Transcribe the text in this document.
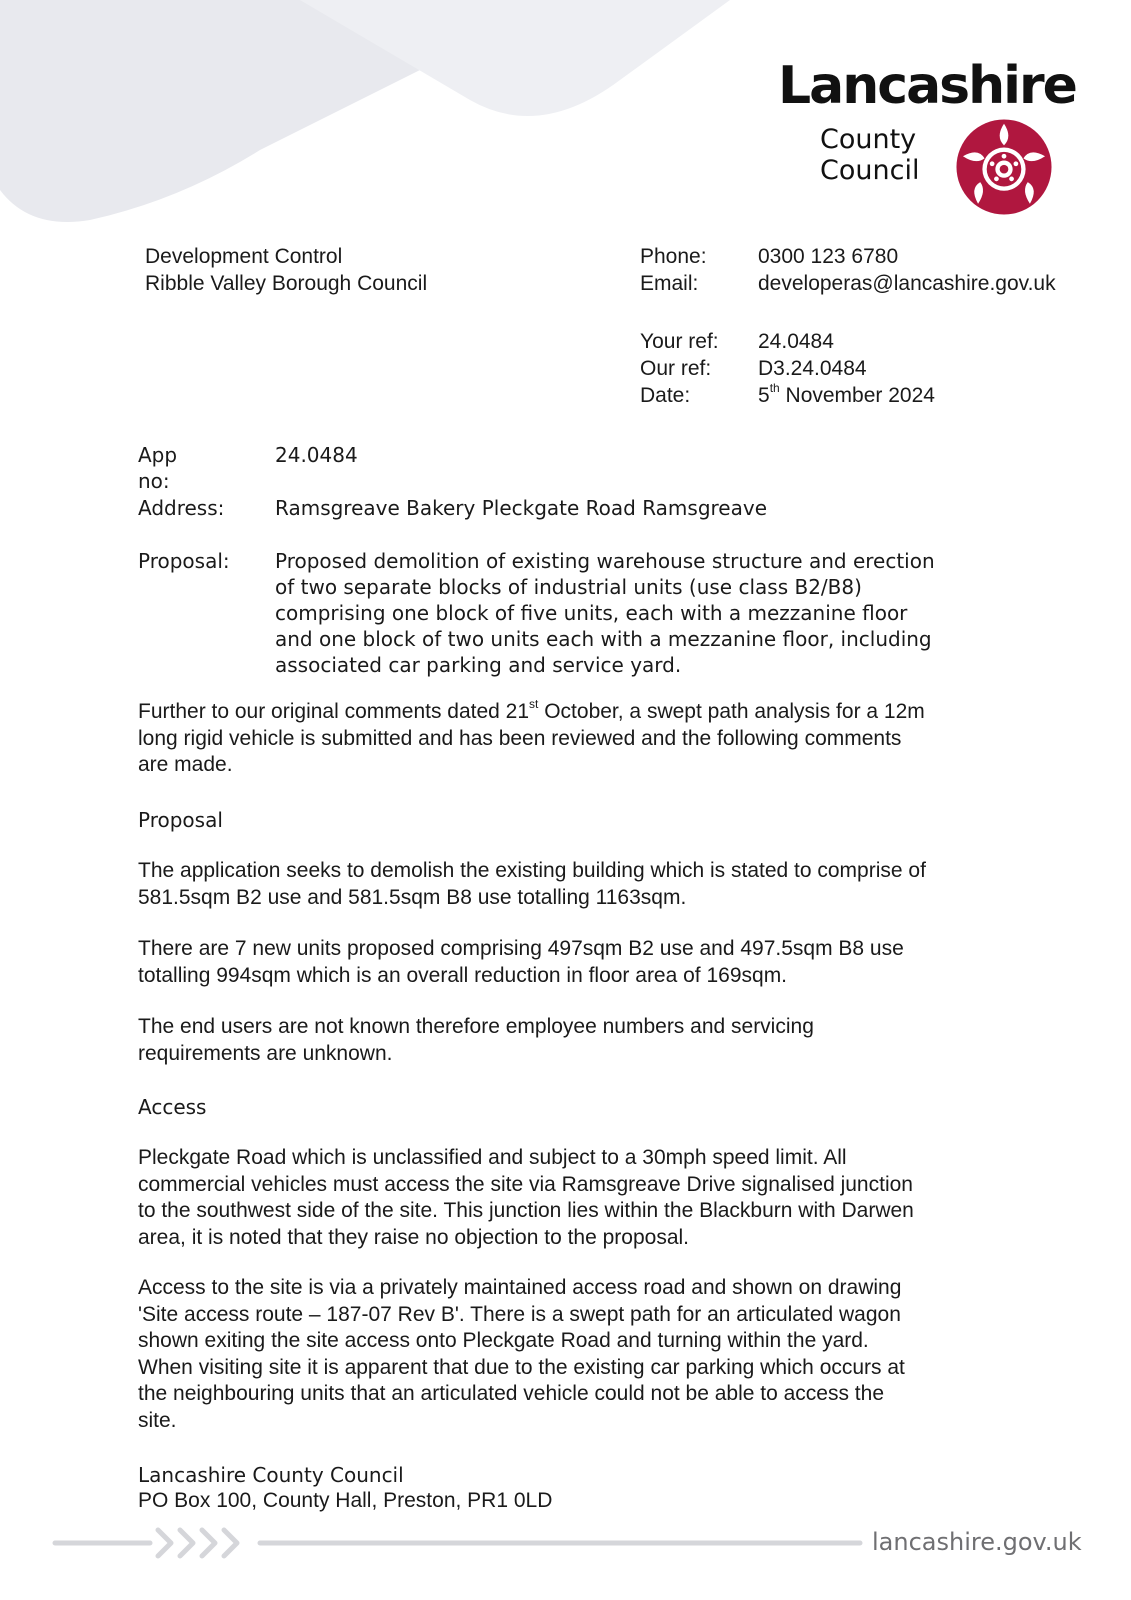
Lancashire
County
Council
Development Control
Ribble Valley Borough Council
Phone:	0300 123 6780
Email:	developeras@lancashire.gov.uk
Your ref:	24.0484
Our ref:	D3.24.0484
Date:	5th November 2024
App no:
24.0484
Address:	Ramsgreave Bakery Pleckgate Road Ramsgreave
Proposal: Proposed demolition of existing warehouse structure and erection
of two separate blocks of industrial units (use class B2/B8)
comprising one block of five units, each with a mezzanine floor
and one block of two units each with a mezzanine floor, including
associated car parking and service yard.
Further to our original comments dated 21st October, a swept path analysis for a 12m
long rigid vehicle is submitted and has been reviewed and the following comments
are made.
Proposal
The application seeks to demolish the existing building which is stated to comprise of
581.5sqm B2 use and 581.5sqm B8 use totalling 1163sqm.
There are 7 new units proposed comprising 497sqm B2 use and 497.5sqm B8 use
totalling 994sqm which is an overall reduction in floor area of 169sqm.
The end users are not known therefore employee numbers and servicing
requirements are unknown.
Access
Pleckgate Road which is unclassified and subject to a 30mph speed limit. All
commercial vehicles must access the site via Ramsgreave Drive signalised junction
to the southwest side of the site. This junction lies within the Blackburn with Darwen
area, it is noted that they raise no objection to the proposal.
Access to the site is via a privately maintained access road and shown on drawing
'Site access route – 187-07 Rev B'. There is a swept path for an articulated wagon
shown exiting the site access onto Pleckgate Road and turning within the yard.
When visiting site it is apparent that due to the existing car parking which occurs at
the neighbouring units that an articulated vehicle could not be able to access the
site.
Lancashire County Council
PO Box 100, County Hall, Preston, PR1 0LD
lancashire.gov.uk
